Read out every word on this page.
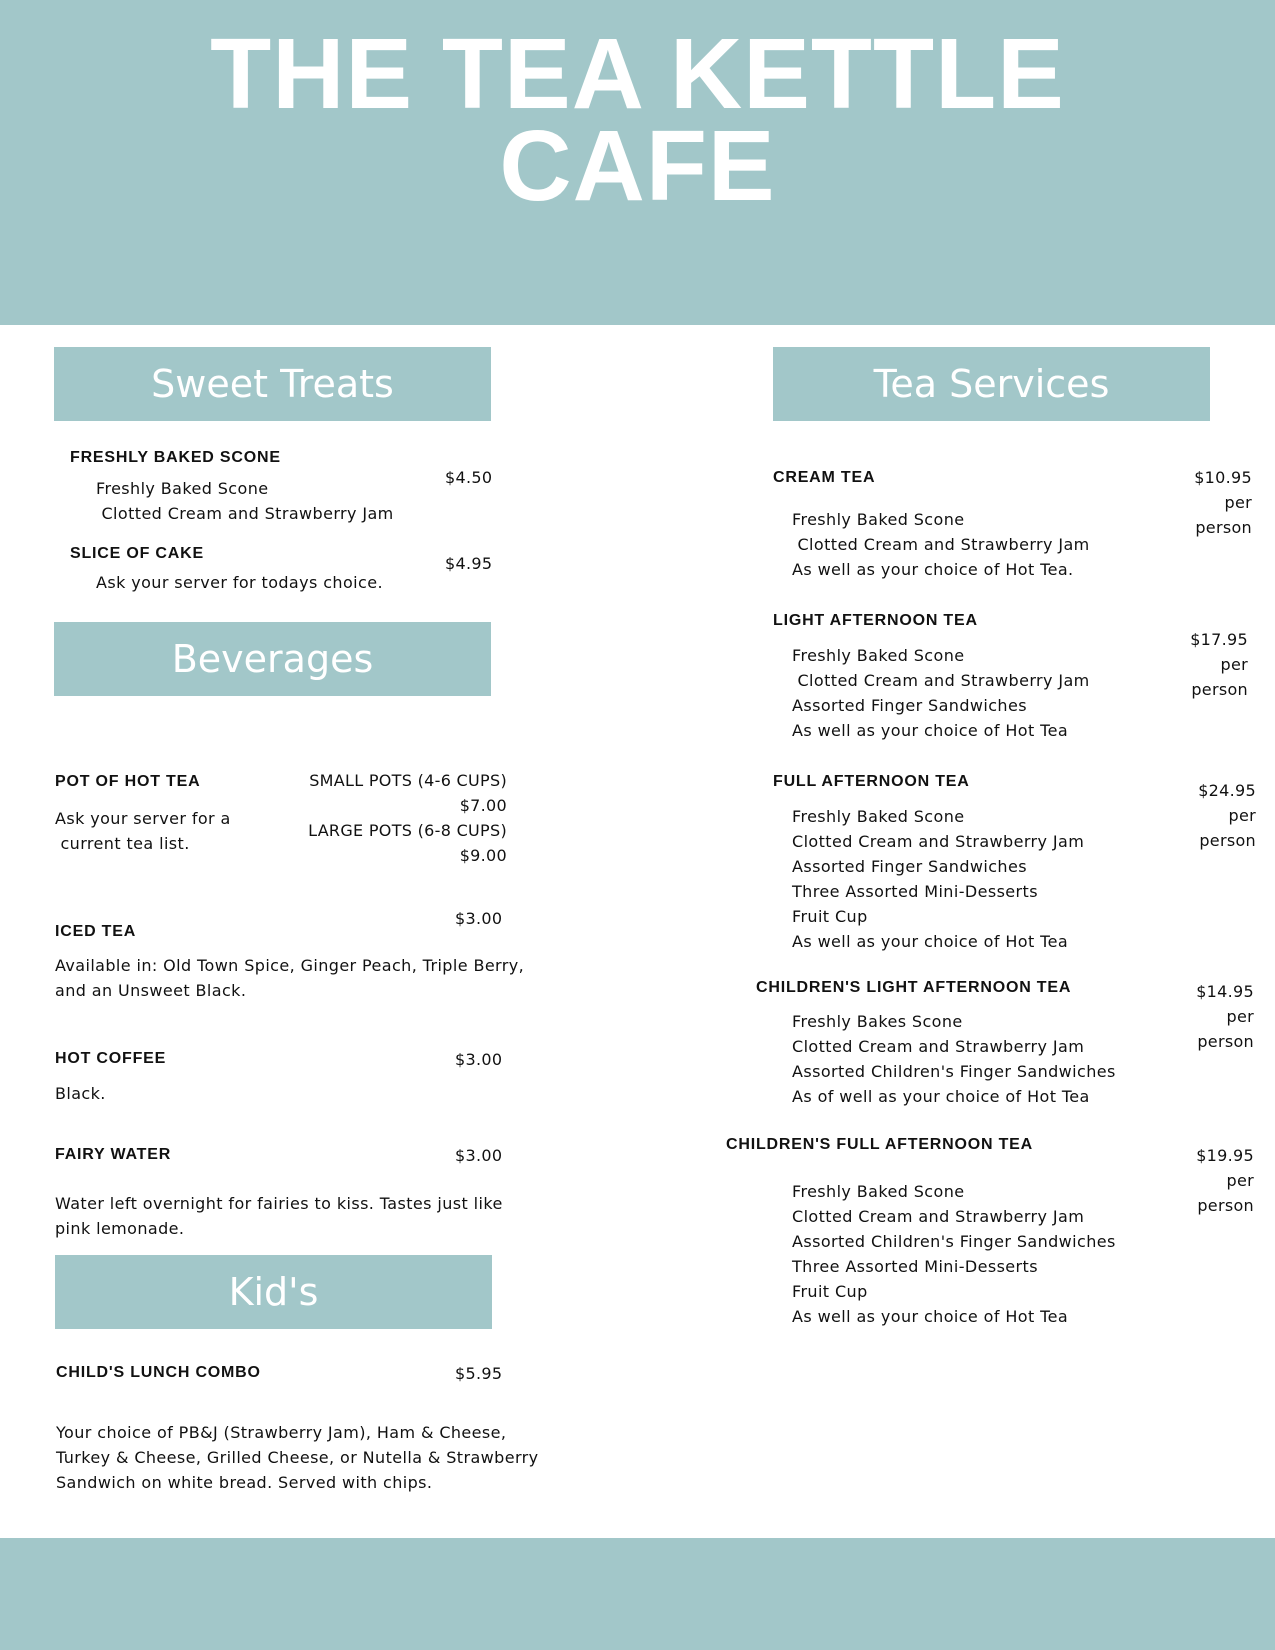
THE TEA KETTLE
CAFE
Sweet Treats
FRESHLY BAKED SCONE
$4.50
Freshly Baked Scone
Clotted Cream and Strawberry Jam
SLICE OF CAKE
$4.95
Ask your server for todays choice.
Beverages
POT OF HOT TEA	SMALL POTS (4-6 CUPS)
$7.00
LARGE POTS (6-8 CUPS)
$9.00
Ask your server for a
current tea list.
ICED TEA
$3.00
Available in: Old Town Spice, Ginger Peach, Triple Berry,
and an Unsweet Black.
HOT COFFEE	$3.00
Black.
FAIRY WATER	$3.00
Water left overnight for fairies to kiss. Tastes just like
pink lemonade.
Kid's
CHILD'S LUNCH COMBO	$5.95
Your choice of PB&J (Strawberry Jam), Ham & Cheese,
Turkey & Cheese, Grilled Cheese, or Nutella & Strawberry
Sandwich on white bread. Served with chips.
Tea Services
CREAM TEA	$10.95
per
person
Freshly Baked Scone
Clotted Cream and Strawberry Jam
As well as your choice of Hot Tea.
LIGHT AFTERNOON TEA
$17.95
per
person
Freshly Baked Scone
Clotted Cream and Strawberry Jam
Assorted Finger Sandwiches
As well as your choice of Hot Tea
FULL AFTERNOON TEA	$24.95
per
person
Freshly Baked Scone
Clotted Cream and Strawberry Jam
Assorted Finger Sandwiches
Three Assorted Mini-Desserts
Fruit Cup
As well as your choice of Hot Tea
CHILDREN'S LIGHT AFTERNOON TEA	$14.95
per
person
Freshly Bakes Scone
Clotted Cream and Strawberry Jam
Assorted Children's Finger Sandwiches
As of well as your choice of Hot Tea
CHILDREN'S FULL AFTERNOON TEA
$19.95
per
person
Freshly Baked Scone
Clotted Cream and Strawberry Jam
Assorted Children's Finger Sandwiches
Three Assorted Mini-Desserts
Fruit Cup
As well as your choice of Hot Tea
